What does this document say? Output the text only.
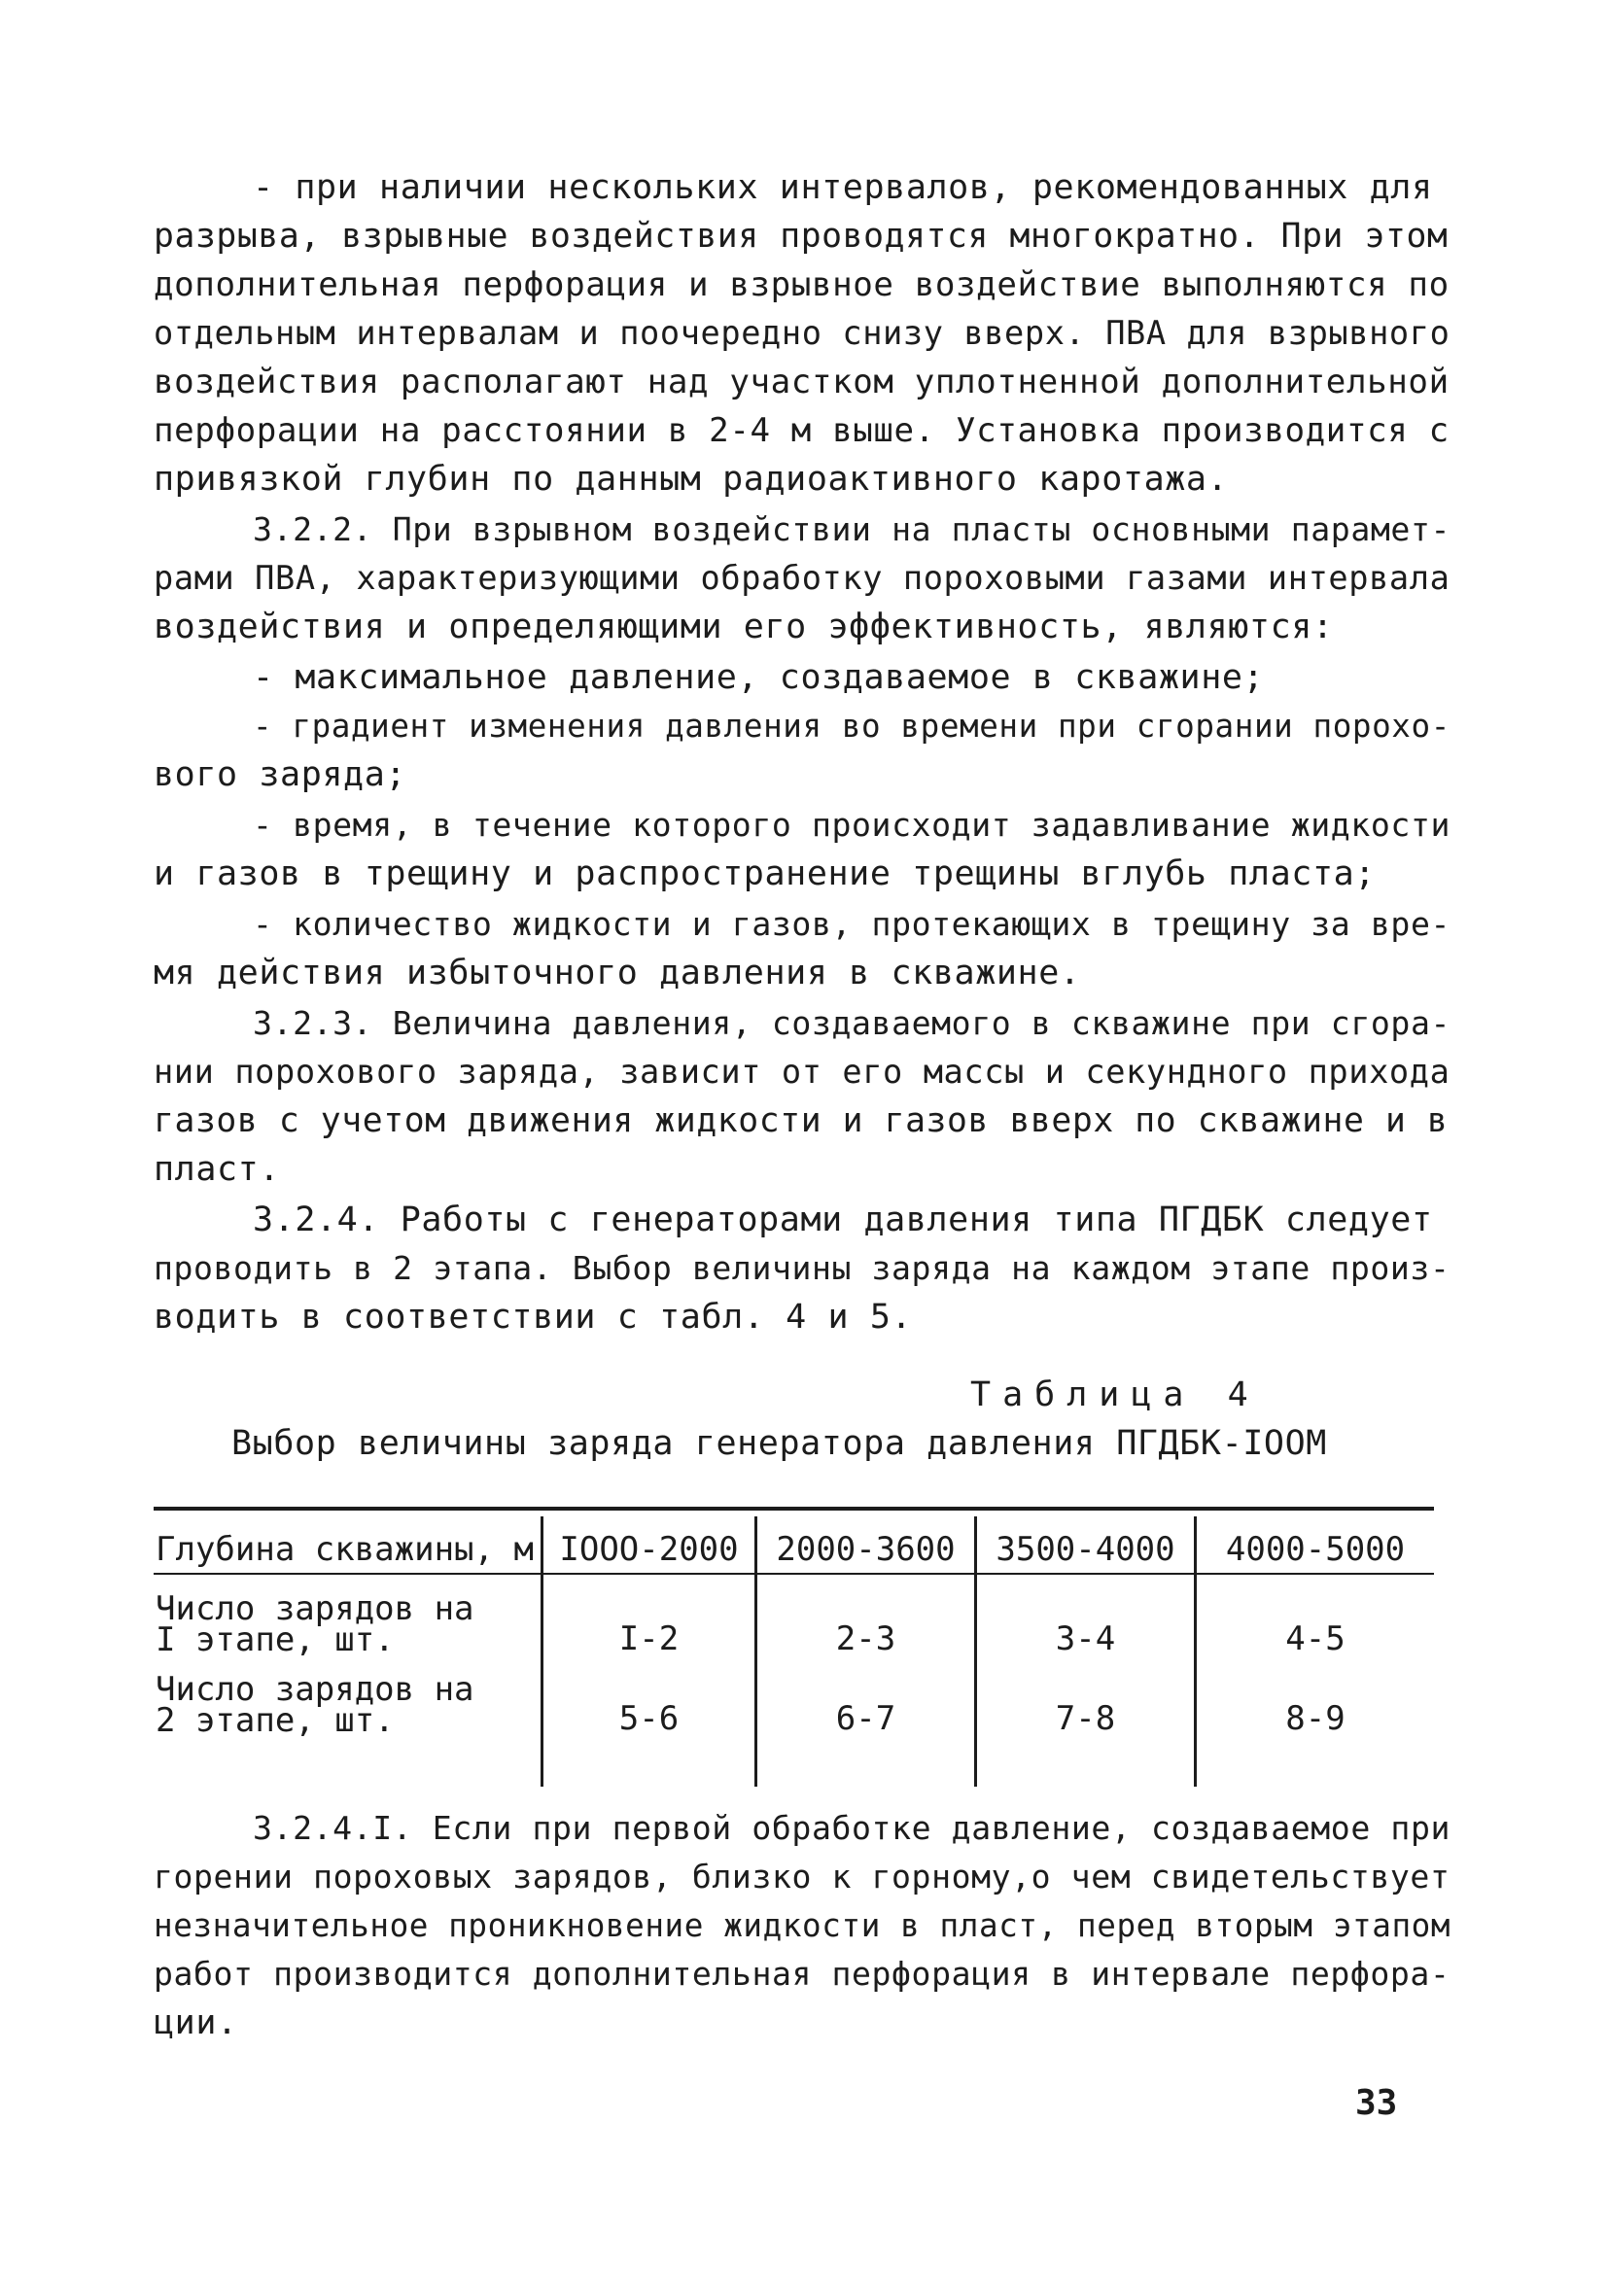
- при наличии нескольких интервалов, рекомендованных для
разрыва, взрывные воздействия проводятся многократно. При этом
дополнительная перфорация и взрывное воздействие выполняются по
отдельным интервалам и поочередно снизу вверх. ПВА для взрывного
воздействия располагают над участком уплотненной дополнительной
перфорации на расстоянии в 2-4 м выше. Установка производится с
привязкой глубин по данным радиоактивного каротажа.
3.2.2. При взрывном воздействии на пласты основными парамет-
рами ПВА, характеризующими обработку пороховыми газами интервала
воздействия и определяющими его эффективность, являются:
- максимальное давление, создаваемое в скважине;
- градиент изменения давления во времени при сгорании порохо-
вого заряда;
- время, в течение которого происходит задавливание жидкости
и газов в трещину и распространение трещины вглубь пласта;
- количество жидкости и газов, протекающих в трещину за вре-
мя действия избыточного давления в скважине.
3.2.3. Величина давления, создаваемого в скважине при сгора-
нии порохового заряда, зависит от его массы и секундного прихода
газов с учетом движения жидкости и газов вверх по скважине и в
пласт.
3.2.4. Работы с генераторами давления типа ПГДБК следует
проводить в 2 этапа. Выбор величины заряда на каждом этапе произ-
водить в соответствии с табл. 4 и 5.
Таблица 4
Выбор величины заряда генератора давления ПГДБК-IOOM
Глубина скважины, м IOOO-2000	2000-3600	3500-4000	4000-5000
Число зарядов на
I этапе, шт.	I-2	2-3	3-4	4-5
Число зарядов на
2 этапе, шт.	5-6	6-7	7-8	8-9
3.2.4.I. Если при первой обработке давление, создаваемое при
горении пороховых зарядов, близко к горному,о чем свидетельствует
незначительное проникновение жидкости в пласт, перед вторым этапом
работ производится дополнительная перфорация в интервале перфора-
ции.
33
